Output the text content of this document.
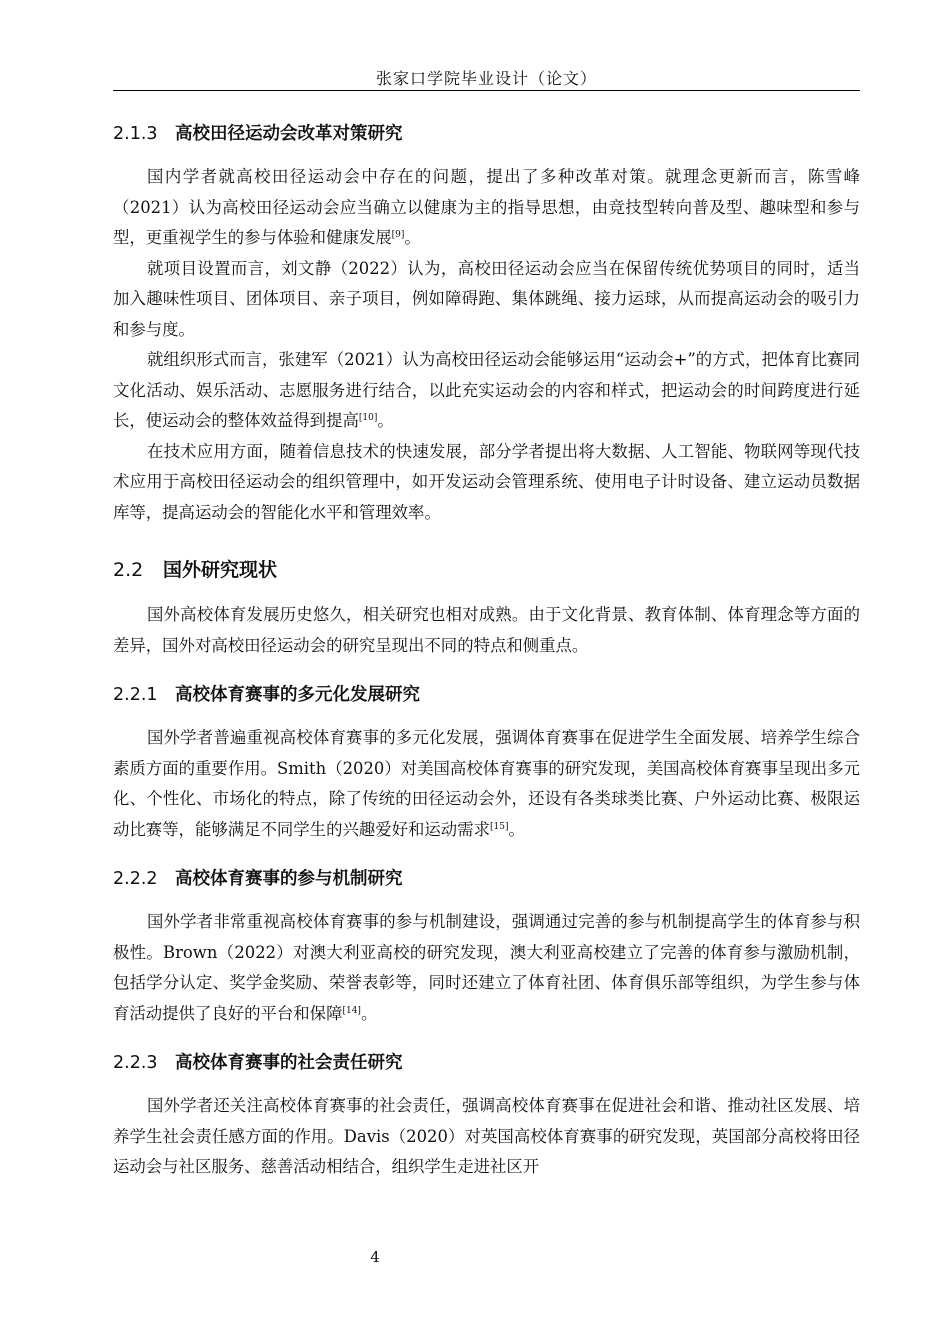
张家口学院毕业设计（论文）
2.1.3 高校田径运动会改革对策研究

国内学者就高校田径运动会中存在的问题，提出了多种改革对策。就理念更新而言，陈雪峰（2021）认为高校田径运动会应当确立以健康为主的指导思想，由竞技型转向普及型、趣味型和参与型，更重视学生的参与体验和健康发展[9]。

就项目设置而言，刘文静（2022）认为，高校田径运动会应当在保留传统优势项目的同时，适当加入趣味性项目、团体项目、亲子项目，例如障碍跑、集体跳绳、接力运球，从而提高运动会的吸引力和参与度。

就组织形式而言，张建军（2021）认为高校田径运动会能够运用“运动会+”的方式，把体育比赛同文化活动、娱乐活动、志愿服务进行结合，以此充实运动会的内容和样式，把运动会的时间跨度进行延长，使运动会的整体效益得到提高[10]。

在技术应用方面，随着信息技术的快速发展，部分学者提出将大数据、人工智能、物联网等现代技术应用于高校田径运动会的组织管理中，如开发运动会管理系统、使用电子计时设备、建立运动员数据库等，提高运动会的智能化水平和管理效率。

2.2 国外研究现状

国外高校体育发展历史悠久，相关研究也相对成熟。由于文化背景、教育体制、体育理念等方面的差异，国外对高校田径运动会的研究呈现出不同的特点和侧重点。

2.2.1 高校体育赛事的多元化发展研究

国外学者普遍重视高校体育赛事的多元化发展，强调体育赛事在促进学生全面发展、培养学生综合素质方面的重要作用。Smith（2020）对美国高校体育赛事的研究发现，美国高校体育赛事呈现出多元化、个性化、市场化的特点，除了传统的田径运动会外，还设有各类球类比赛、户外运动比赛、极限运动比赛等，能够满足不同学生的兴趣爱好和运动需求[15]。

2.2.2 高校体育赛事的参与机制研究

国外学者非常重视高校体育赛事的参与机制建设，强调通过完善的参与机制提高学生的体育参与积极性。Brown（2022）对澳大利亚高校的研究发现，澳大利亚高校建立了完善的体育参与激励机制，包括学分认定、奖学金奖励、荣誉表彰等，同时还建立了体育社团、体育俱乐部等组织，为学生参与体育活动提供了良好的平台和保障[14]。

2.2.3 高校体育赛事的社会责任研究

国外学者还关注高校体育赛事的社会责任，强调高校体育赛事在促进社会和谐、推动社区发展、培养学生社会责任感方面的作用。Davis（2020）对英国高校体育赛事的研究发现，英国部分高校将田径运动会与社区服务、慈善活动相结合，组织学生走进社区开

4
